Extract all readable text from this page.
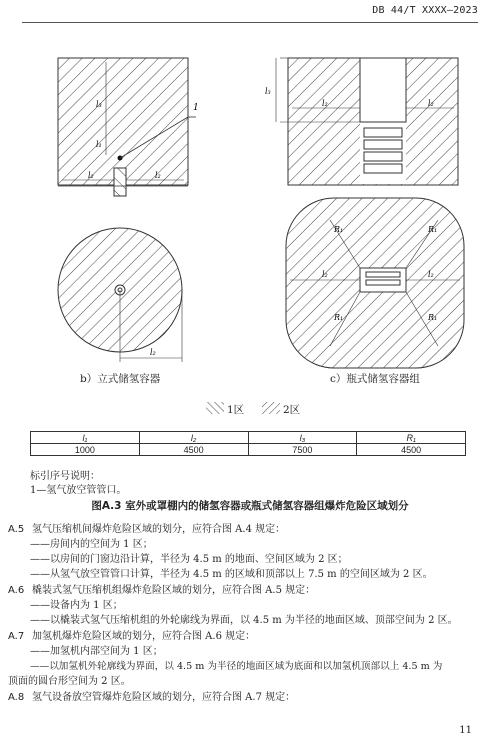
DB 44/T XXXX—2023
1
l₂	l₂
l₃
l₁
l₂
l₃
l₂	l₂
l₂	l₂
R₁	R₁
R₁	R₁
b）立式储氢容器	c）瓶式储氢容器组
1区	2区
l₁	l₂	l₃	R₁
1000	4500	7500	4500
标引序号说明：
1—氢气放空管管口。
图A.3 室外或罩棚内的储氢容器或瓶式储氢容器组爆炸危险区域划分
A.5 氢气压缩机间爆炸危险区域的划分，应符合图 A.4 规定：
——房间内的空间为 1 区；
——以房间的门窗边沿计算，半径为 4.5 m 的地面、空间区域为 2 区；
——从氢气放空管管口计算，半径为 4.5 m 的区域和顶部以上 7.5 m 的空间区域为 2 区。
A.6 橇装式氢气压缩机组爆炸危险区域的划分，应符合图 A.5 规定：
——设备内为 1 区；
——以橇装式氢气压缩机组的外轮廓线为界面，以 4.5 m 为半径的地面区域、顶部空间为 2 区。
A.7 加氢机爆炸危险区域的划分，应符合图 A.6 规定：
——加氢机内部空间为 1 区；
——以加氢机外轮廓线为界面，以 4.5 m 为半径的地面区域为底面和以加氢机顶部以上 4.5 m 为
顶面的圆台形空间为 2 区。
A.8 氢气设备放空管爆炸危险区域的划分，应符合图 A.7 规定：
11
